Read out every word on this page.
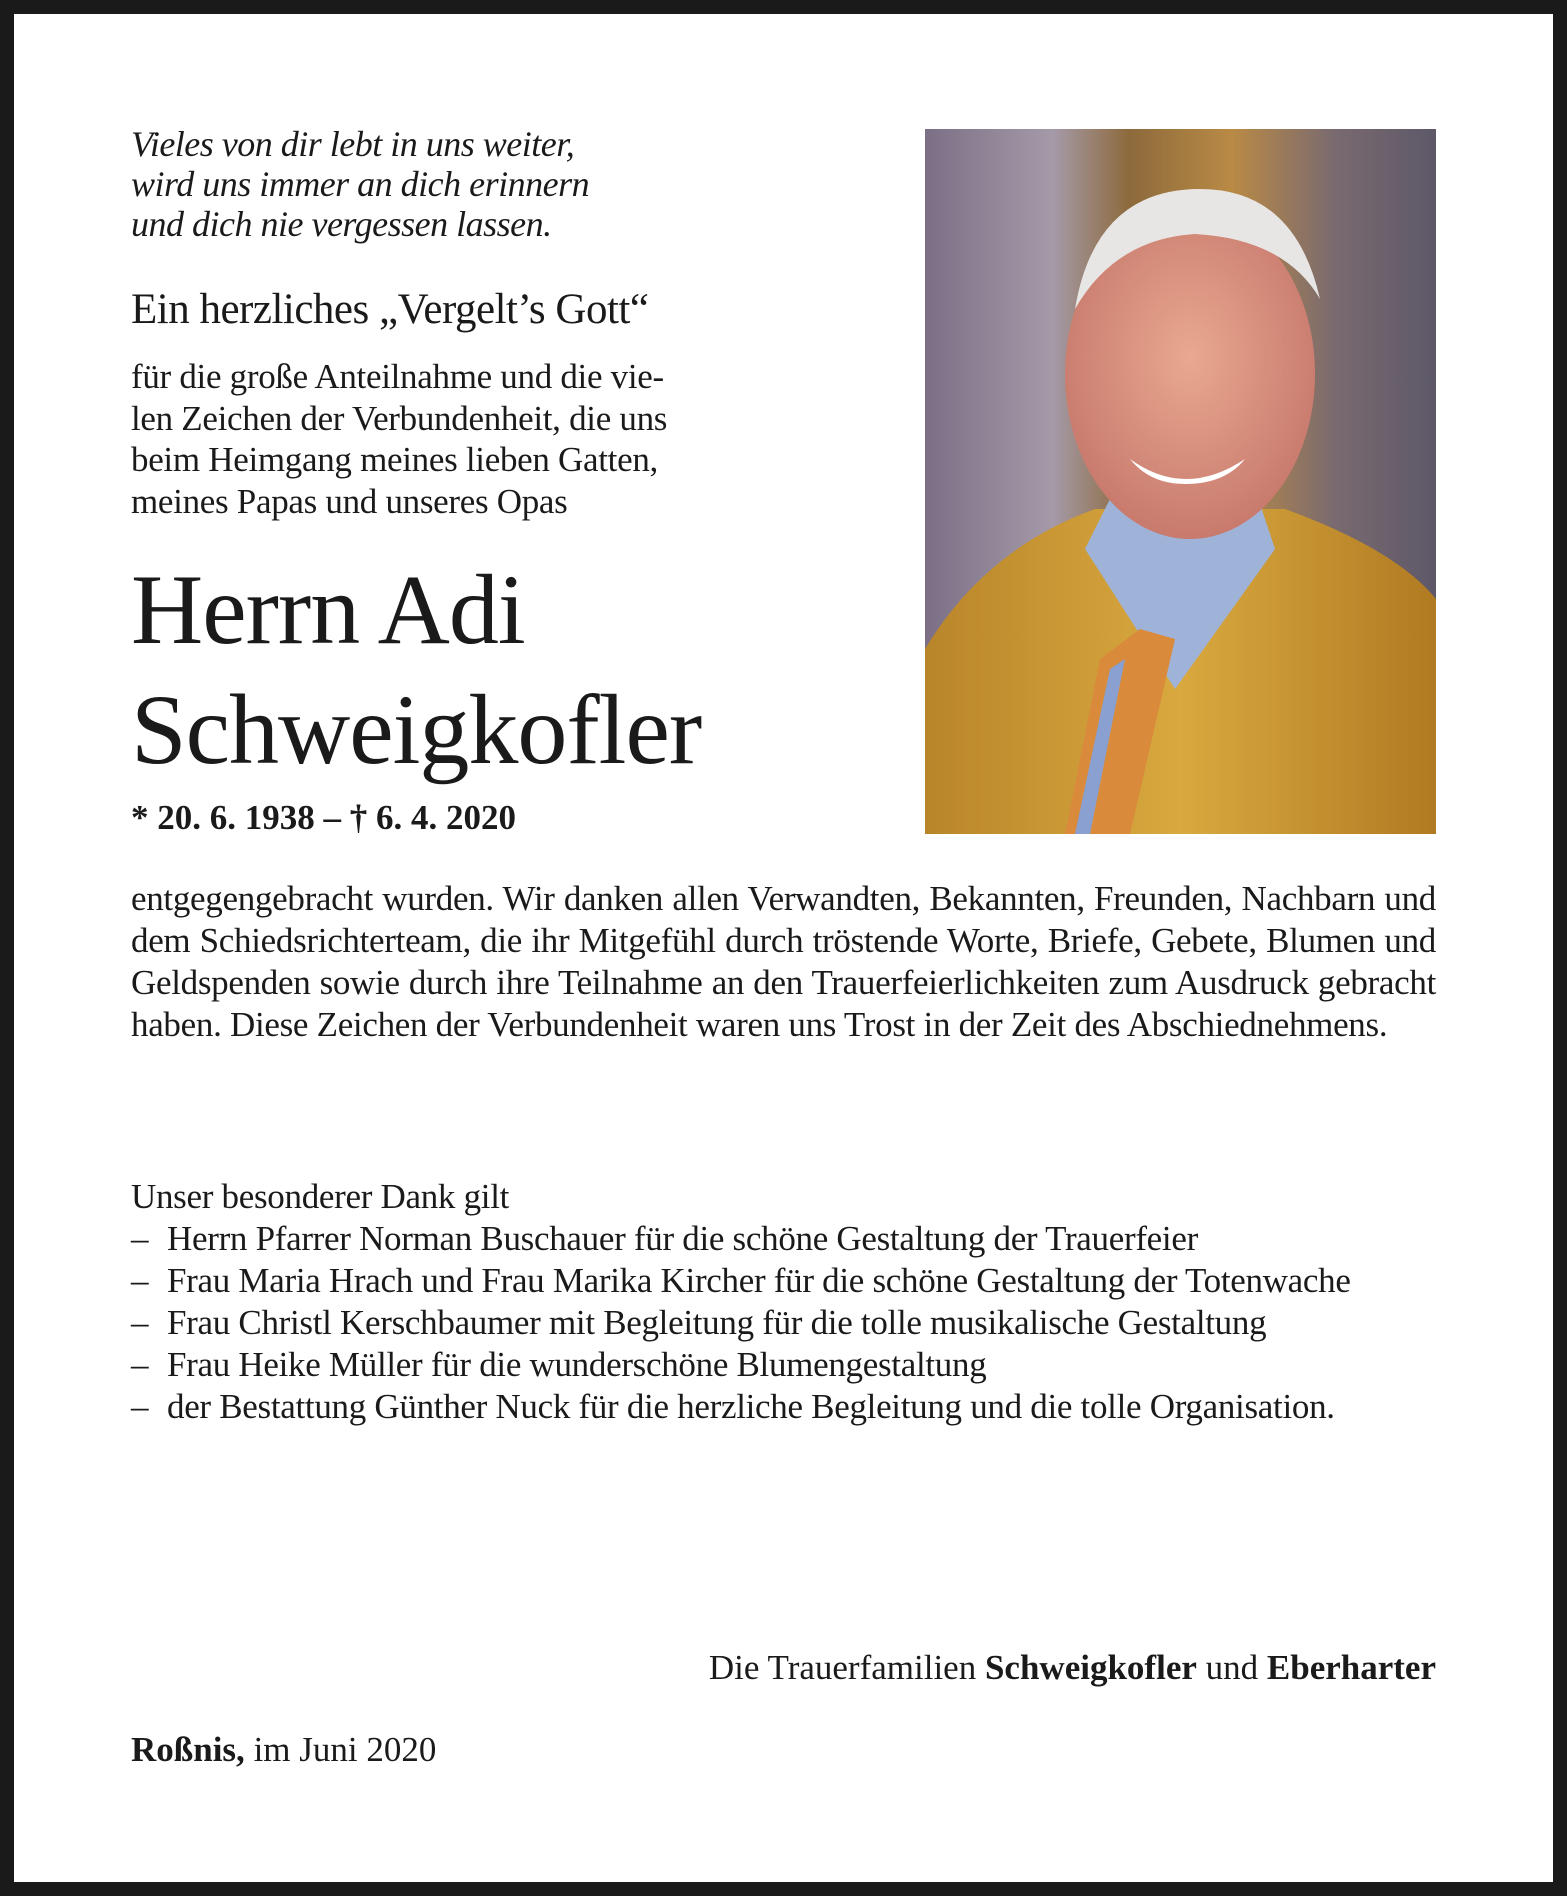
Vieles von dir lebt in uns weiter,
wird uns immer an dich erinnern
und dich nie vergessen lassen.
Ein herzliches „Vergelt’s Gott“
für die große Anteilnahme und die vie-
len Zeichen der Verbundenheit, die uns
beim Heimgang meines lieben Gatten,
meines Papas und unseres Opas
Herrn Adi
Schweigkofler
* 20. 6. 1938 – † 6. 4. 2020
entgegengebracht wurden. Wir danken allen Verwandten, Bekannten, Freunden, Nachbarn und dem Schiedsrichterteam, die ihr Mitgefühl durch tröstende Worte, Briefe, Gebete, Blumen und Geldspenden sowie durch ihre Teilnahme an den Trauerfeierlichkeiten zum Ausdruck gebracht haben. Diese Zeichen der Verbundenheit waren uns Trost in der Zeit des Abschiednehmens.
Unser besonderer Dank gilt
– Herrn Pfarrer Norman Buschauer für die schöne Gestaltung der Trauerfeier
– Frau Maria Hrach und Frau Marika Kircher für die schöne Gestaltung der Totenwache
– Frau Christl Kerschbaumer mit Begleitung für die tolle musikalische Gestaltung
– Frau Heike Müller für die wunderschöne Blumengestaltung
– der Bestattung Günther Nuck für die herzliche Begleitung und die tolle Organisation.
Die Trauerfamilien Schweigkofler und Eberharter
Roßnis, im Juni 2020
